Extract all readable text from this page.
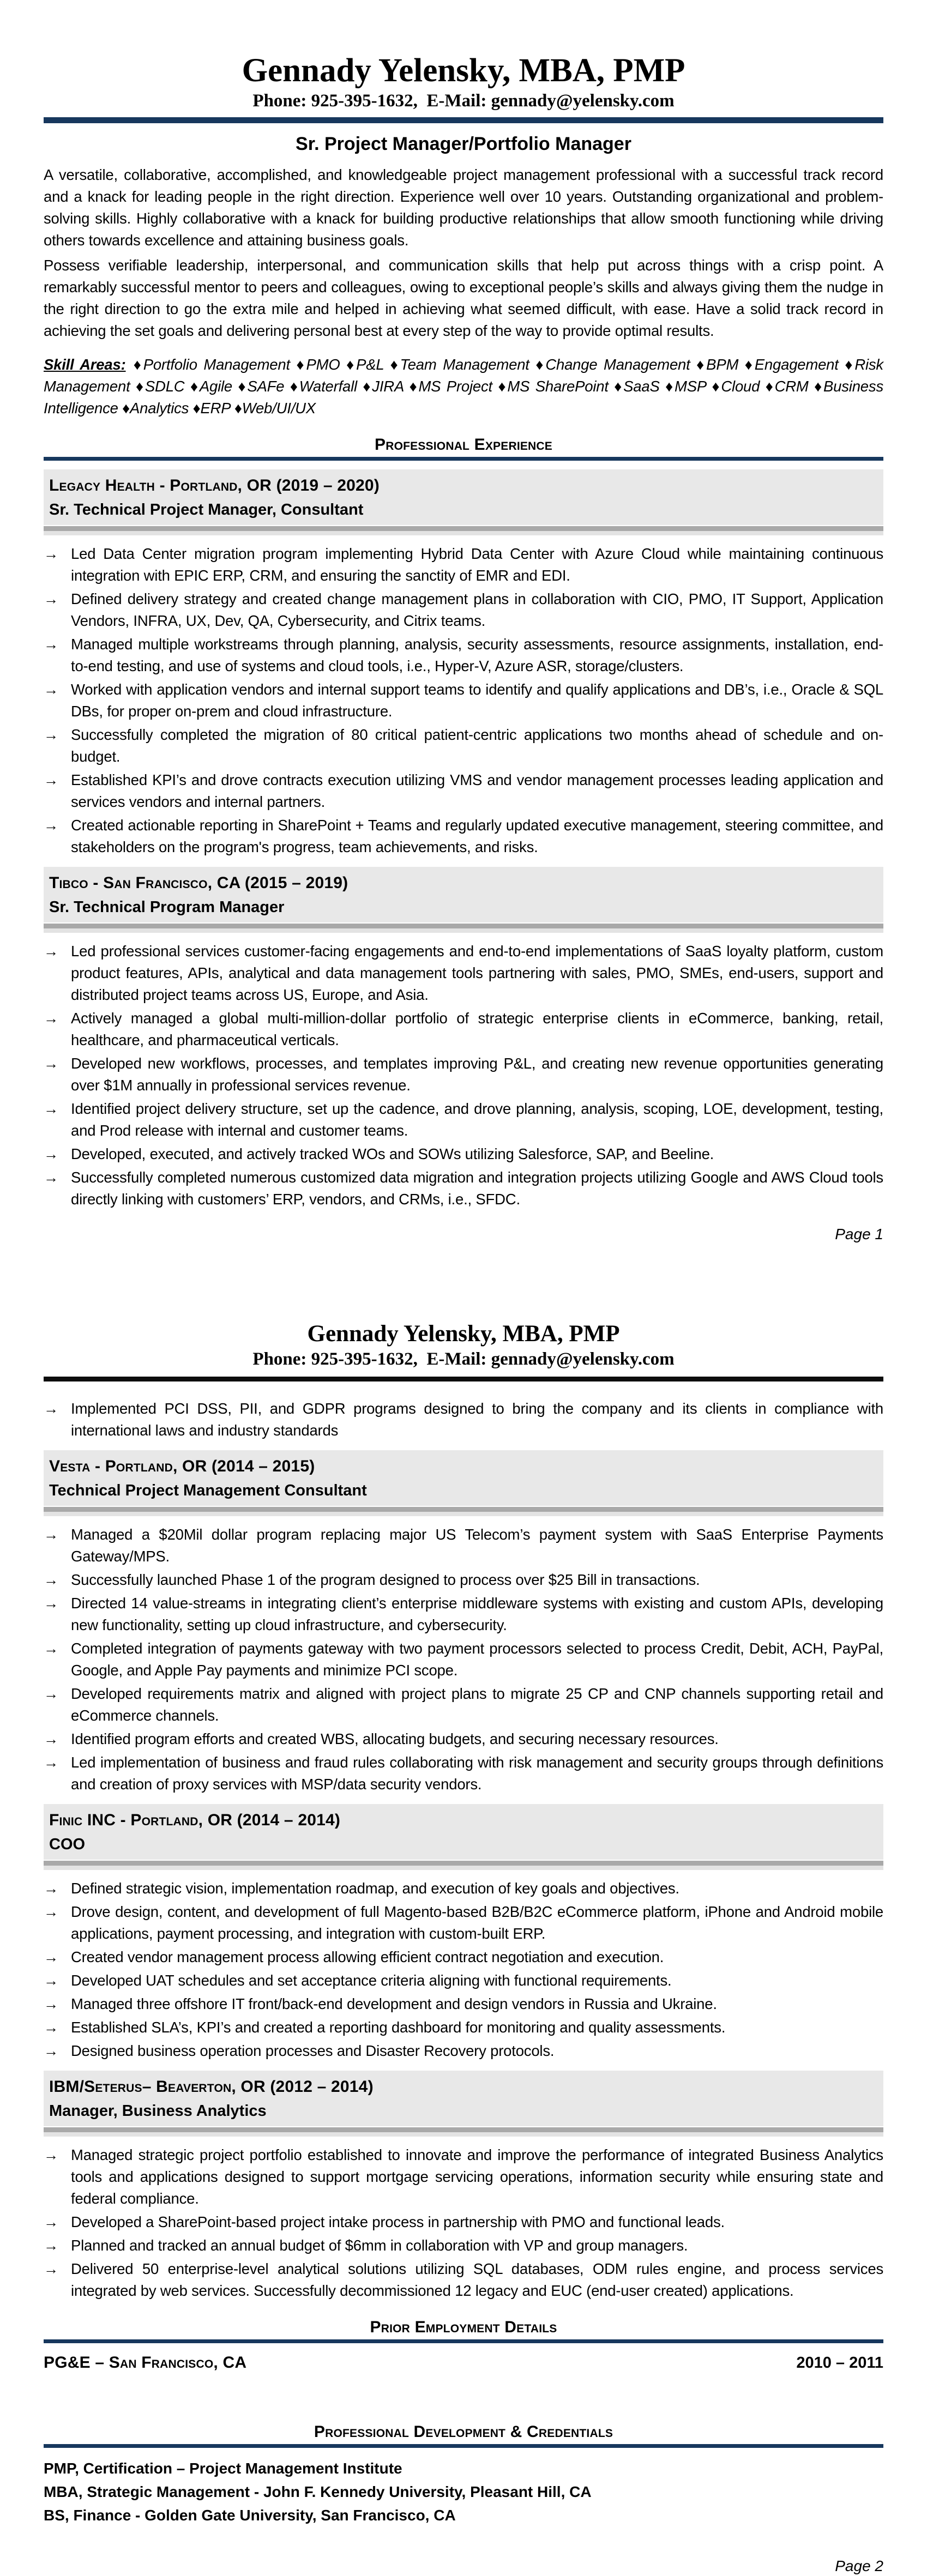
Gennady Yelensky, MBA, PMP
Phone: 925-395-1632,  E-Mail: gennady@yelensky.com
Sr. Project Manager/Portfolio Manager

A versatile, collaborative, accomplished, and knowledgeable project management professional with a successful track record and a knack for leading people in the right direction. Experience well over 10 years. Outstanding organizational and problem-solving skills. Highly collaborative with a knack for building productive relationships that allow smooth functioning while driving others towards excellence and attaining business goals.

Possess verifiable leadership, interpersonal, and communication skills that help put across things with a crisp point. A remarkably successful mentor to peers and colleagues, owing to exceptional people’s skills and always giving them the nudge in the right direction to go the extra mile and helped in achieving what seemed difficult, with ease. Have a solid track record in achieving the set goals and delivering personal best at every step of the way to provide optimal results.

Skill Areas: ♦Portfolio Management ♦PMO ♦P&L ♦Team Management ♦Change Management ♦BPM ♦Engagement ♦Risk Management ♦SDLC ♦Agile ♦SAFe ♦Waterfall ♦JIRA ♦MS Project ♦MS SharePoint ♦SaaS ♦MSP ♦Cloud ♦CRM ♦Business Intelligence ♦Analytics ♦ERP ♦Web/UI/UX

Professional Experience
Legacy Health - Portland, OR (2019 – 2020)
Sr. Technical Project Manager, Consultant
→
Led Data Center migration program implementing Hybrid Data Center with Azure Cloud while maintaining continuous integration with EPIC ERP, CRM, and ensuring the sanctity of EMR and EDI.
→
Defined delivery strategy and created change management plans in collaboration with CIO, PMO, IT Support, Application Vendors, INFRA, UX, Dev, QA, Cybersecurity, and Citrix teams.
→
Managed multiple workstreams through planning, analysis, security assessments, resource assignments, installation, end-to-end testing, and use of systems and cloud tools, i.e., Hyper-V, Azure ASR, storage/clusters.
→
Worked with application vendors and internal support teams to identify and qualify applications and DB’s, i.e., Oracle & SQL DBs, for proper on-prem and cloud infrastructure.
→
Successfully completed the migration of 80 critical patient-centric applications two months ahead of schedule and on-budget.
→
Established KPI’s and drove contracts execution utilizing VMS and vendor management processes leading application and services vendors and internal partners.
→
Created actionable reporting in SharePoint + Teams and regularly updated executive management, steering committee, and stakeholders on the program's progress, team achievements, and risks.
Tibco - San Francisco, CA (2015 – 2019)
Sr. Technical Program Manager
→
Led professional services customer-facing engagements and end-to-end implementations of SaaS loyalty platform, custom product features, APIs, analytical and data management tools partnering with sales, PMO, SMEs, end-users, support and distributed project teams across US, Europe, and Asia.
→
Actively managed a global multi-million-dollar portfolio of strategic enterprise clients in eCommerce, banking, retail, healthcare, and pharmaceutical verticals.
→
Developed new workflows, processes, and templates improving P&L, and creating new revenue opportunities generating over $1M annually in professional services revenue.
→
Identified project delivery structure, set up the cadence, and drove planning, analysis, scoping, LOE, development, testing, and Prod release with internal and customer teams.
→
Developed, executed, and actively tracked WOs and SOWs utilizing Salesforce, SAP, and Beeline.
→
Successfully completed numerous customized data migration and integration projects utilizing Google and AWS Cloud tools directly linking with customers’ ERP, vendors, and CRMs, i.e., SFDC.
Page 1
Gennady Yelensky, MBA, PMP
Phone: 925-395-1632,  E-Mail: gennady@yelensky.com
→
Implemented PCI DSS, PII, and GDPR programs designed to bring the company and its clients in compliance with international laws and industry standards
Vesta - Portland, OR (2014 – 2015)
Technical Project Management Consultant
→
Managed a $20Mil dollar program replacing major US Telecom’s payment system with SaaS Enterprise Payments Gateway/MPS.
→
Successfully launched Phase 1 of the program designed to process over $25 Bill in transactions.
→
Directed 14 value-streams in integrating client’s enterprise middleware systems with existing and custom APIs, developing new functionality, setting up cloud infrastructure, and cybersecurity.
→
Completed integration of payments gateway with two payment processors selected to process Credit, Debit, ACH, PayPal, Google, and Apple Pay payments and minimize PCI scope.
→
Developed requirements matrix and aligned with project plans to migrate 25 CP and CNP channels supporting retail and eCommerce channels.
→
Identified program efforts and created WBS, allocating budgets, and securing necessary resources.
→
Led implementation of business and fraud rules collaborating with risk management and security groups through definitions and creation of proxy services with MSP/data security vendors.
Finic INC - Portland, OR (2014 – 2014)
COO
→
Defined strategic vision, implementation roadmap, and execution of key goals and objectives.
→
Drove design, content, and development of full Magento-based B2B/B2C eCommerce platform, iPhone and Android mobile applications, payment processing, and integration with custom-built ERP.
→
Created vendor management process allowing efficient contract negotiation and execution.
→
Developed UAT schedules and set acceptance criteria aligning with functional requirements.
→
Managed three offshore IT front/back-end development and design vendors in Russia and Ukraine.
→
Established SLA’s, KPI’s and created a reporting dashboard for monitoring and quality assessments.
→
Designed business operation processes and Disaster Recovery protocols.
IBM/Seterus– Beaverton, OR (2012 – 2014)
Manager, Business Analytics
→
Managed strategic project portfolio established to innovate and improve the performance of integrated Business Analytics tools and applications designed to support mortgage servicing operations, information security while ensuring state and federal compliance.
→
Developed a SharePoint-based project intake process in partnership with PMO and functional leads.
→
Planned and tracked an annual budget of $6mm in collaboration with VP and group managers.
→
Delivered 50 enterprise-level analytical solutions utilizing SQL databases, ODM rules engine, and process services integrated by web services. Successfully decommissioned 12 legacy and EUC (end-user created) applications.
Prior Employment Details
PG&E – San Francisco, CA	2010 – 2011
Professional Development & Credentials
PMP, Certification – Project Management Institute
MBA, Strategic Management - John F. Kennedy University, Pleasant Hill, CA
BS, Finance - Golden Gate University, San Francisco, CA
Page 2
